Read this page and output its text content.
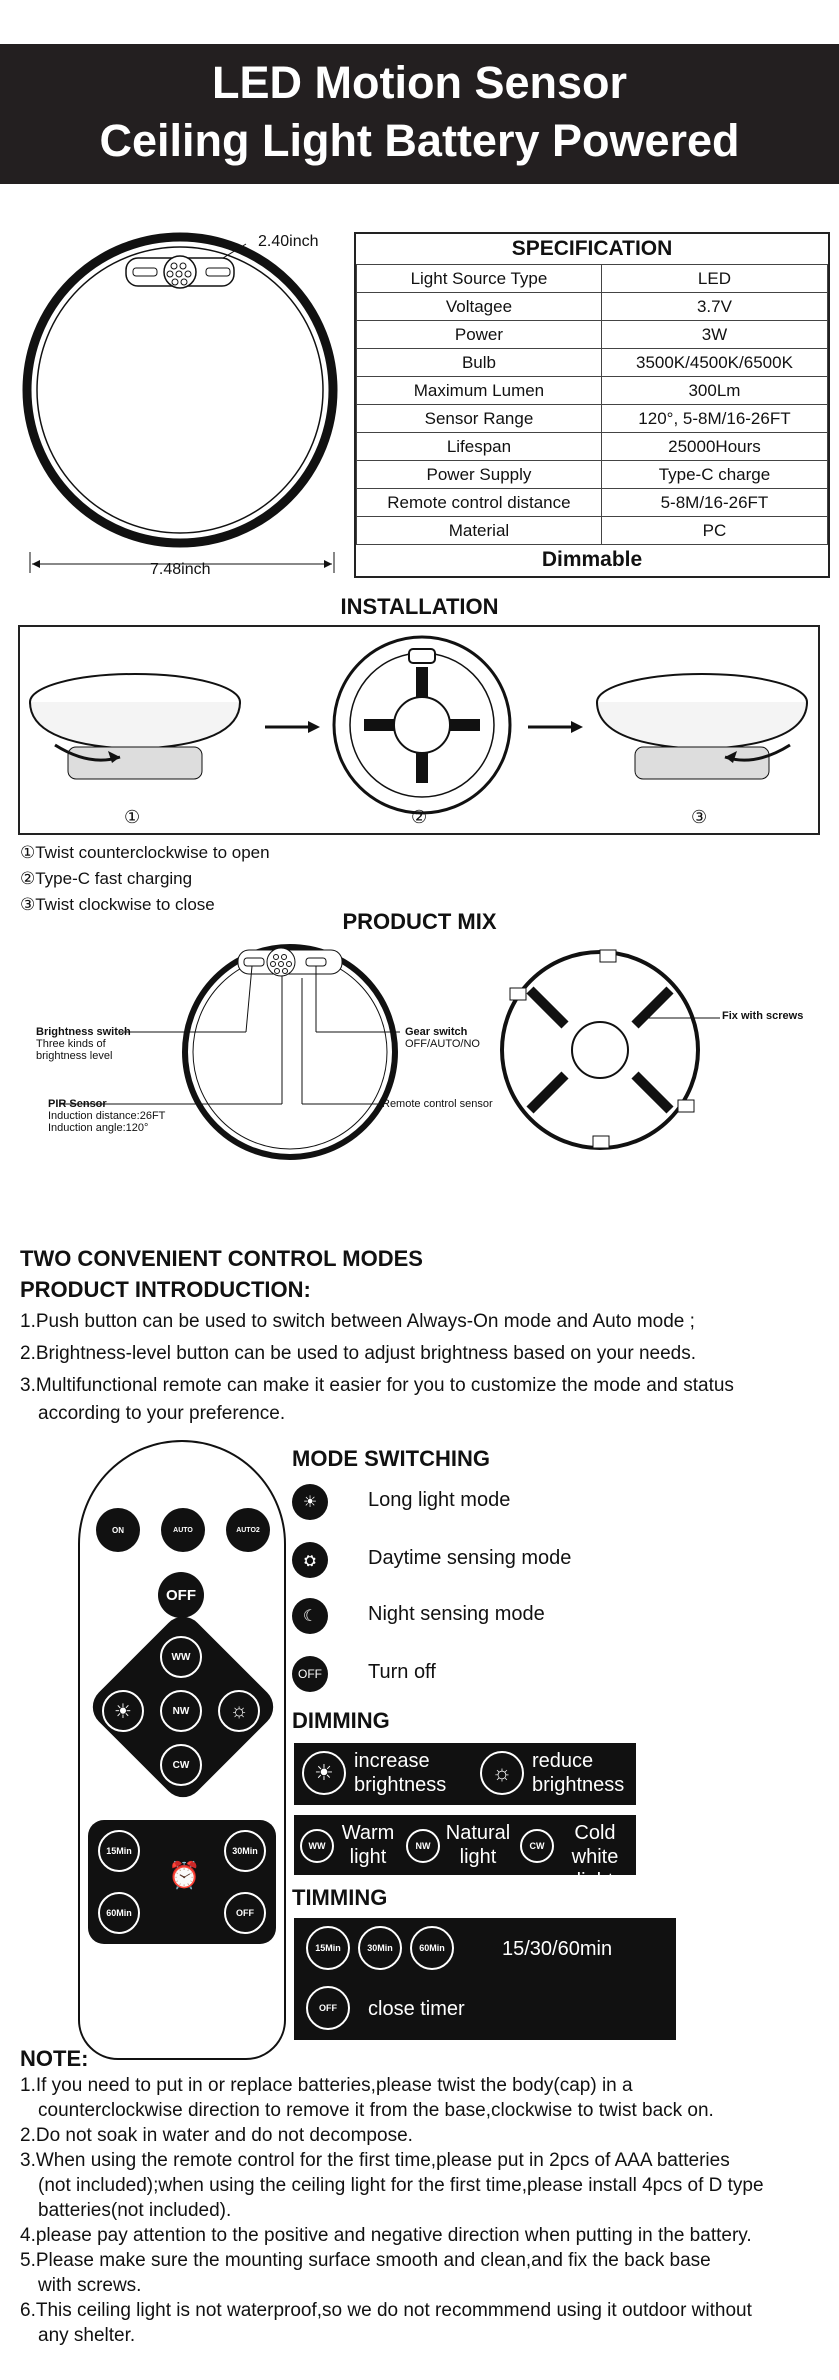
LED Motion Sensor
Ceiling Light Battery Powered
2.40inch
7.48inch
SPECIFICATION	
Light Source Type	LED
Voltagee	3.7V
Power	3W
Bulb	3500K/4500K/6500K
Maximum Lumen	300Lm
Sensor Range	120°, 5-8M/16-26FT
Lifespan	25000Hours
Power Supply	Type-C charge
Remote control distance	5-8M/16-26FT
Material	PC
Dimmable	
INSTALLATION
①	②	③
①Twist counterclockwise to open
②Type-C fast charging
③Twist clockwise to close
PRODUCT MIX
Brightness switch
Three kinds of
brightness level
PIR Sensor
Induction distance:26FT
Induction angle:120°
Gear switch
OFF/AUTO/NO
Remote control sensor
Fix with screws
TWO CONVENIENT CONTROL MODES
PRODUCT INTRODUCTION:
1.Push button can be used to switch between Always-On mode and Auto mode ;
2.Brightness-level button can be used to adjust brightness based on your needs.
3.Multifunctional remote can make it easier for you to customize the mode and status
according to your preference.
ON	AUTO	AUTO2
OFF
WW
NW
CW
☀	☼
15Min	30Min
60Min	OFF
⏰
MODE SWITCHING
☀	Long light mode
⛭	Daytime sensing mode
☾	Night sensing mode
OFF Turn off
DIMMING
☀	increase
brightness	☼ reduce
brightness
WW
Warm
light	NW
Natural
light	CW
Cold
white light
TIMMING
15Min	30Min	60Min	15/30/60min
OFF close timer
NOTE:
1.If you need to put in or replace batteries,please twist the body(cap) in a
counterclockwise direction to remove it from the base,clockwise to twist back on.
2.Do not soak in water and do not decompose.
3.When using the remote control for the first time,please put in 2pcs of AAA batteries
(not included);when using the ceiling light for the first time,please install 4pcs of D type
batteries(not included).
4.please pay attention to the positive and negative direction when putting in the battery.
5.Please make sure the mounting surface smooth and clean,and fix the back base
with screws.
6.This ceiling light is not waterproof,so we do not recommmend using it outdoor without
any shelter.
